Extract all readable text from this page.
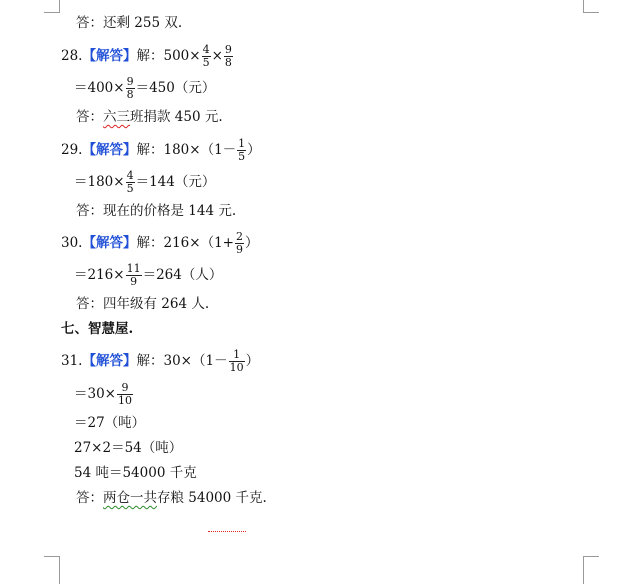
答：还剩 255 双.
28.【解答】解：$500\times \frac{4}{5} \times \frac{9}{8}$
$=400\times \frac{9}{8} =450$（元）
答：六三班捐款 450 元.
29.【解答】解：$180\times(1- \frac{1}{5}$ ）
$=180\times \frac{4}{5} =144$（元）
答：现在的价格是 144 元.
30.【解答】解：$216\times(1+ \frac{2}{9}$ ）
$=216\times \frac{11}{9} =264$（人）
答：四年级有 264 人.
七、智慧屋.
31.【解答】解：$30\times(1- \frac{1}{10}$ ）
$=30\times \frac{9}{10}$
＝27（吨）
27×2＝54（吨）
54 吨＝54000 千克
答：两仓一共存粮 54000 千克.
